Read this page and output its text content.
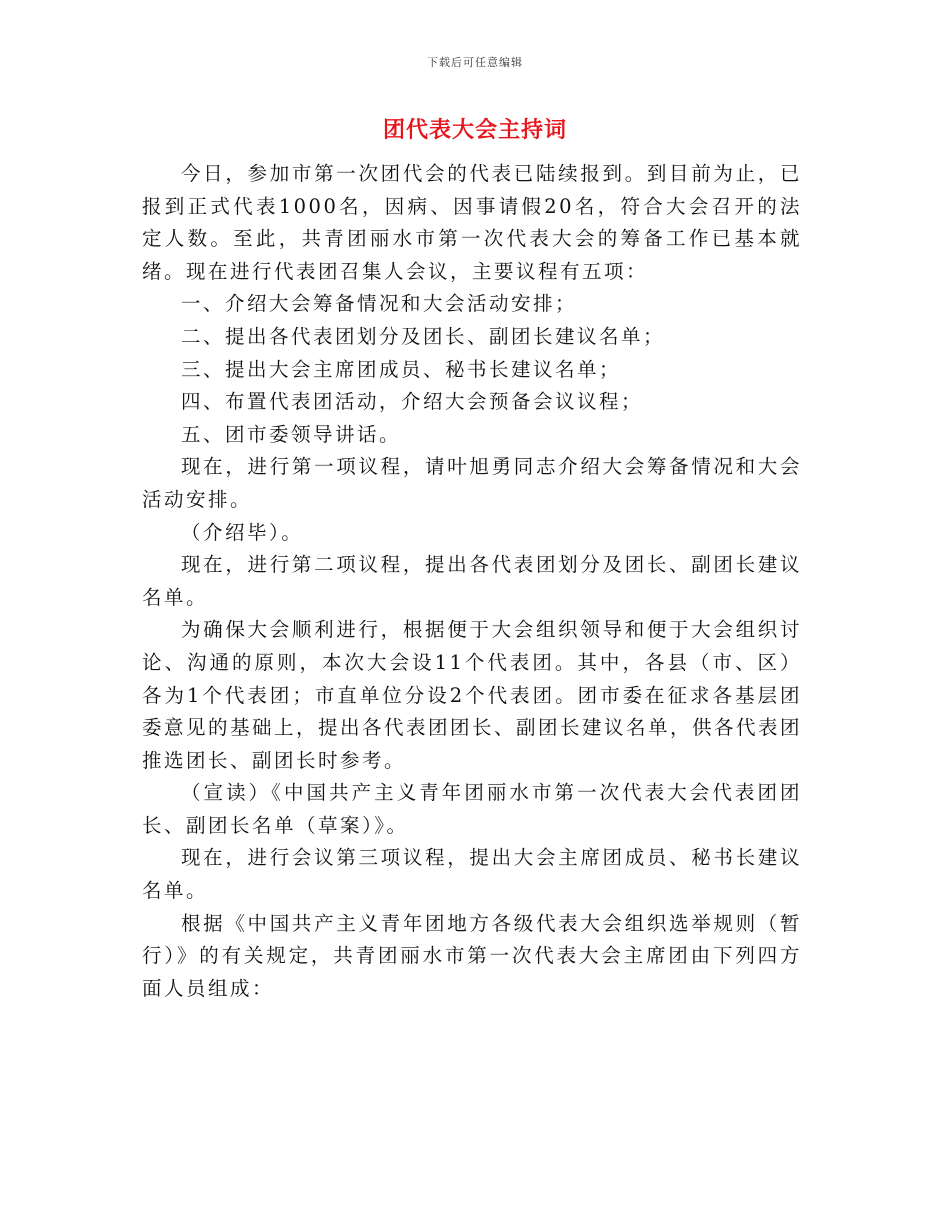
下载后可任意编辑
团代表大会主持词

今日，参加市第一次团代会的代表已陆续报到。到目前为止，已报到正式代表1000名，因病、因事请假20名，符合大会召开的法定人数。至此，共青团丽水市第一次代表大会的筹备工作已基本就绪。现在进行代表团召集人会议，主要议程有五项：

一、介绍大会筹备情况和大会活动安排；

二、提出各代表团划分及团长、副团长建议名单；

三、提出大会主席团成员、秘书长建议名单；

四、布置代表团活动，介绍大会预备会议议程；

五、团市委领导讲话。

现在，进行第一项议程，请叶旭勇同志介绍大会筹备情况和大会活动安排。

（介绍毕）。

现在，进行第二项议程，提出各代表团划分及团长、副团长建议名单。

为确保大会顺利进行，根据便于大会组织领导和便于大会组织讨论、沟通的原则，本次大会设11个代表团。其中，各县（市、区）各为1个代表团；市直单位分设2个代表团。团市委在征求各基层团委意见的基础上，提出各代表团团长、副团长建议名单，供各代表团推选团长、副团长时参考。

（宣读）《中国共产主义青年团丽水市第一次代表大会代表团团长、副团长名单（草案）》。

现在，进行会议第三项议程，提出大会主席团成员、秘书长建议名单。

根据《中国共产主义青年团地方各级代表大会组织选举规则（暂行）》的有关规定，共青团丽水市第一次代表大会主席团由下列四方面人员组成：
